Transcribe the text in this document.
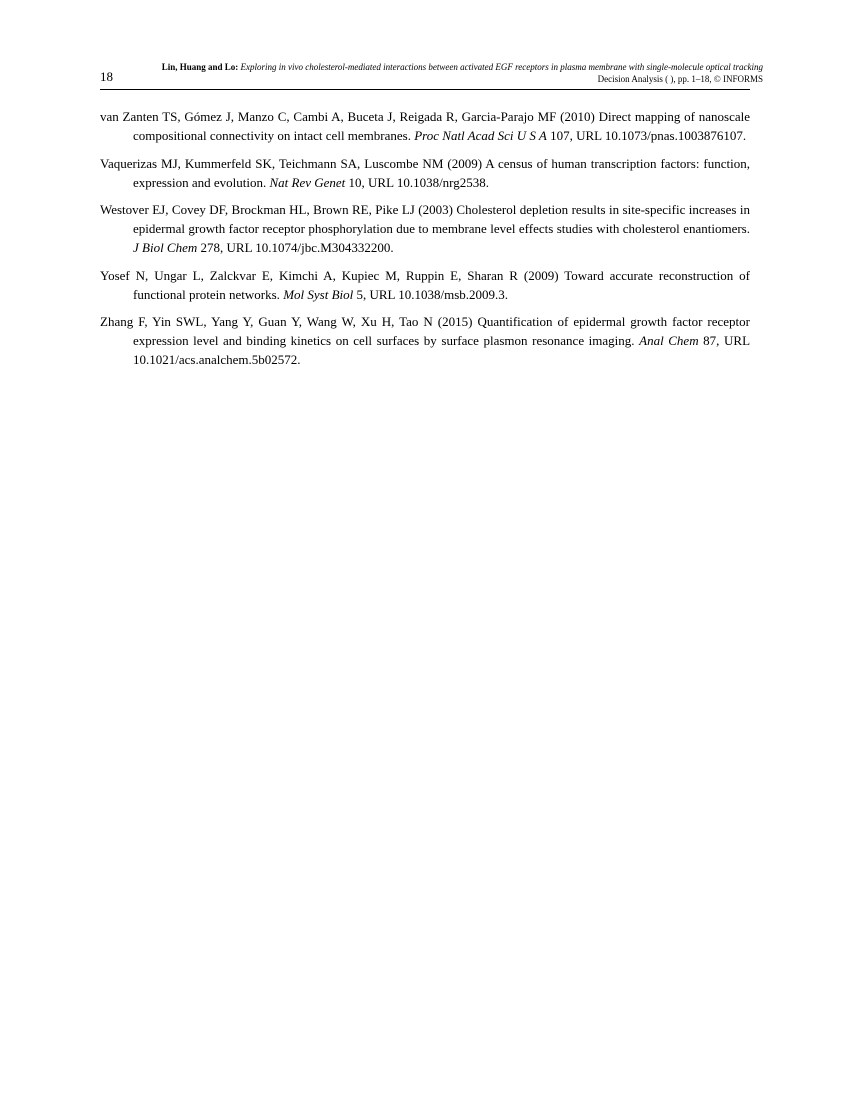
18
Lin, Huang and Lo: Exploring in vivo cholesterol-mediated interactions between activated EGF receptors in plasma membrane with single-molecule optical tracking
Decision Analysis ( ), pp. 1–18, © INFORMS

van Zanten TS, Gómez J, Manzo C, Cambi A, Buceta J, Reigada R, Garcia-Parajo MF (2010) Direct mapping of nanoscale compositional connectivity on intact cell membranes. Proc Natl Acad Sci U S A 107, URL 10.1073/pnas.1003876107.

Vaquerizas MJ, Kummerfeld SK, Teichmann SA, Luscombe NM (2009) A census of human transcription factors: function, expression and evolution. Nat Rev Genet 10, URL 10.1038/nrg2538.

Westover EJ, Covey DF, Brockman HL, Brown RE, Pike LJ (2003) Cholesterol depletion results in site-specific increases in epidermal growth factor receptor phosphorylation due to membrane level effects studies with cholesterol enantiomers. J Biol Chem 278, URL 10.1074/jbc.M304332200.

Yosef N, Ungar L, Zalckvar E, Kimchi A, Kupiec M, Ruppin E, Sharan R (2009) Toward accurate reconstruction of functional protein networks. Mol Syst Biol 5, URL 10.1038/msb.2009.3.

Zhang F, Yin SWL, Yang Y, Guan Y, Wang W, Xu H, Tao N (2015) Quantification of epidermal growth factor receptor expression level and binding kinetics on cell surfaces by surface plasmon resonance imaging. Anal Chem 87, URL 10.1021/acs.analchem.5b02572.
